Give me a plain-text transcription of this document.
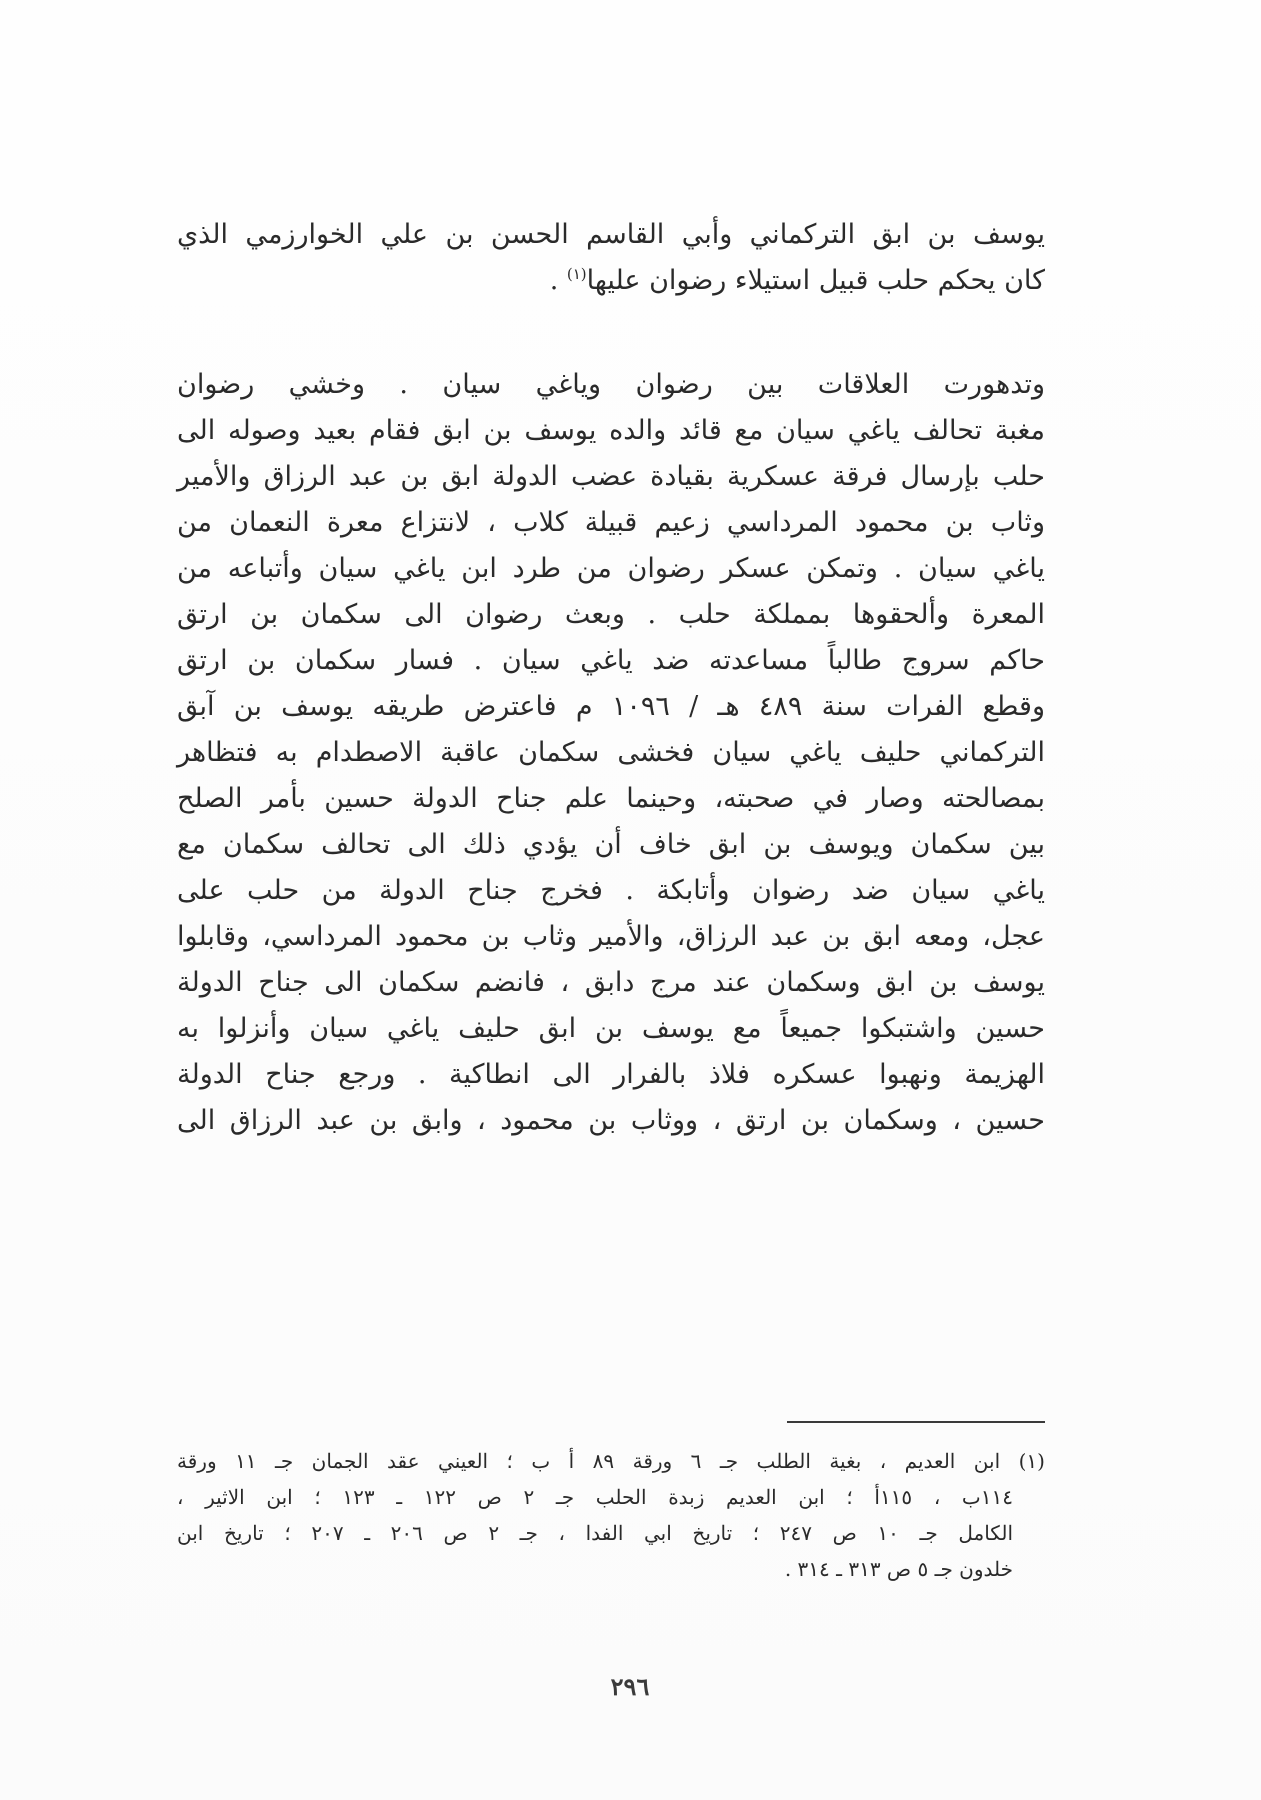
يوسف بن ابق التركماني وأبي القاسم الحسن بن علي الخوارزمي الذي
كان يحكم حلب قبيل استيلاء رضوان عليها$^{(١)}$ .
وتدهورت العلاقات بين رضوان وياغي سيان . وخشي رضوان
مغبة تحالف ياغي سيان مع قائد والده يوسف بن ابق فقام بعيد وصوله الى
حلب بإرسال فرقة عسكرية بقيادة عضب الدولة ابق بن عبد الرزاق والأمير
وثاب بن محمود المرداسي زعيم قبيلة كلاب ، لانتزاع معرة النعمان من
ياغي سيان . وتمكن عسكر رضوان من طرد ابن ياغي سيان وأتباعه من
المعرة وألحقوها بمملكة حلب . وبعث رضوان الى سكمان بن ارتق
حاكم سروج طالباً مساعدته ضد ياغي سيان . فسار سكمان بن ارتق
وقطع الفرات سنة ٤٨٩ هـ / ١٠٩٦ م فاعترض طريقه يوسف بن آبق
التركماني حليف ياغي سيان فخشى سكمان عاقبة الاصطدام به فتظاهر
بمصالحته وصار في صحبته، وحينما علم جناح الدولة حسين بأمر الصلح
بين سكمان ويوسف بن ابق خاف أن يؤدي ذلك الى تحالف سكمان مع
ياغي سيان ضد رضوان وأتابكة . فخرج جناح الدولة من حلب على
عجل، ومعه ابق بن عبد الرزاق، والأمير وثاب بن محمود المرداسي، وقابلوا
يوسف بن ابق وسكمان عند مرج دابق ، فانضم سكمان الى جناح الدولة
حسين واشتبكوا جميعاً مع يوسف بن ابق حليف ياغي سيان وأنزلوا به
الهزيمة ونهبوا عسكره فلاذ بالفرار الى انطاكية . ورجع جناح الدولة
حسين ، وسكمان بن ارتق ، ووثاب بن محمود ، وابق بن عبد الرزاق الى
(١) ابن العديم ، بغية الطلب جـ ٦ ورقة ٨٩ أ ب ؛ العيني عقد الجمان جـ ١١ ورقة
١١٤ب ، ١١٥أ ؛ ابن العديم زبدة الحلب جـ ٢ ص ١٢٢ ـ ١٢٣ ؛ ابن الاثير ،
الكامل جـ ١٠ ص ٢٤٧ ؛ تاريخ ابي الفدا ، جـ ٢ ص ٢٠٦ ـ ٢٠٧ ؛ تاريخ ابن
خلدون جـ ٥ ص ٣١٣ ـ ٣١٤ .
٢٩٦
